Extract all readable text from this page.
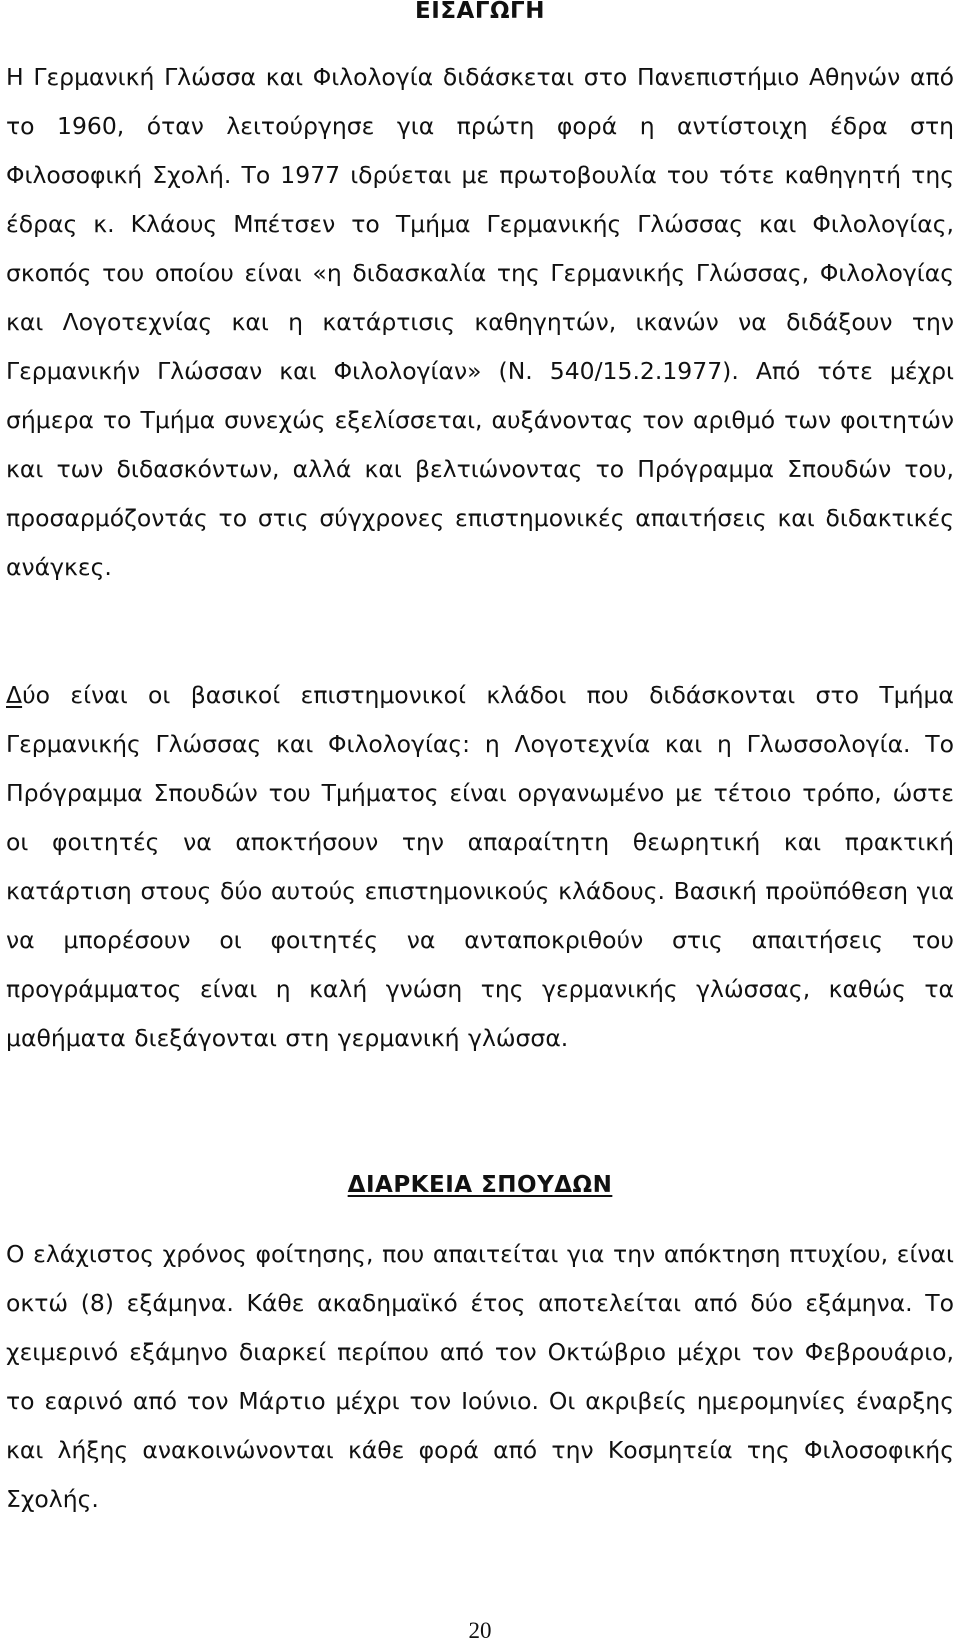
ΕΙΣΑΓΩΓΗ

Η Γερμανική Γλώσσα και Φιλολογία διδάσκεται στο Πανεπιστήμιο Αθηνών από το 1960, όταν λειτούργησε για πρώτη φορά η αντίστοιχη έδρα στη Φιλοσοφική Σχολή. Το 1977 ιδρύεται με πρωτοβουλία του τότε καθηγητή της έδρας κ. Κλάους Μπέτσεν το Τμήμα Γερμανικής Γλώσσας και Φιλολογίας, σκοπός του οποίου είναι «η διδασκαλία της Γερμανικής Γλώσσας, Φιλολογίας και Λογοτεχνίας και η κατάρτισις καθηγητών, ικανών να διδάξουν την Γερμανικήν Γλώσσαν και Φιλολογίαν» (Ν. 540/15.2.1977). Από τότε μέχρι σήμερα το Τμήμα συνεχώς εξελίσσεται, αυξάνοντας τον αριθμό των φοιτητών και των διδασκόντων, αλλά και βελτιώνοντας το Πρόγραμμα Σπουδών του, προσαρμόζοντάς το στις σύγχρονες επιστημονικές απαιτήσεις και διδακτικές ανάγκες.

Δύο είναι οι βασικοί επιστημονικοί κλάδοι που διδάσκονται στο Τμήμα Γερμανικής Γλώσσας και Φιλολογίας: η Λογοτεχνία και η Γλωσσολογία. Το Πρόγραμμα Σπουδών του Τμήματος είναι οργανωμένο με τέτοιο τρόπο, ώστε οι φοιτητές να αποκτήσουν την απαραίτητη θεωρητική και πρακτική κατάρτιση στους δύο αυτούς επιστημονικούς κλάδους. Βασική προϋπόθεση για να μπορέσουν οι φοιτητές να ανταποκριθούν στις απαιτήσεις του προγράμματος είναι η καλή γνώση της γερμανικής γλώσσας, καθώς τα μαθήματα διεξάγονται στη γερμανική γλώσσα.

ΔΙΑΡΚΕΙΑ ΣΠΟΥΔΩΝ

Ο ελάχιστος χρόνος φοίτησης, που απαιτείται για την απόκτηση πτυχίου, είναι οκτώ (8) εξάμηνα. Κάθε ακαδημαϊκό έτος αποτελείται από δύο εξάμηνα. Το χειμερινό εξάμηνο διαρκεί περίπου από τον Οκτώβριο μέχρι τον Φεβρουάριο, το εαρινό από τον Μάρτιο μέχρι τον Ιούνιο. Οι ακριβείς ημερομηνίες έναρξης και λήξης ανακοινώνονται κάθε φορά από την Κοσμητεία της Φιλοσοφικής Σχολής.

20
